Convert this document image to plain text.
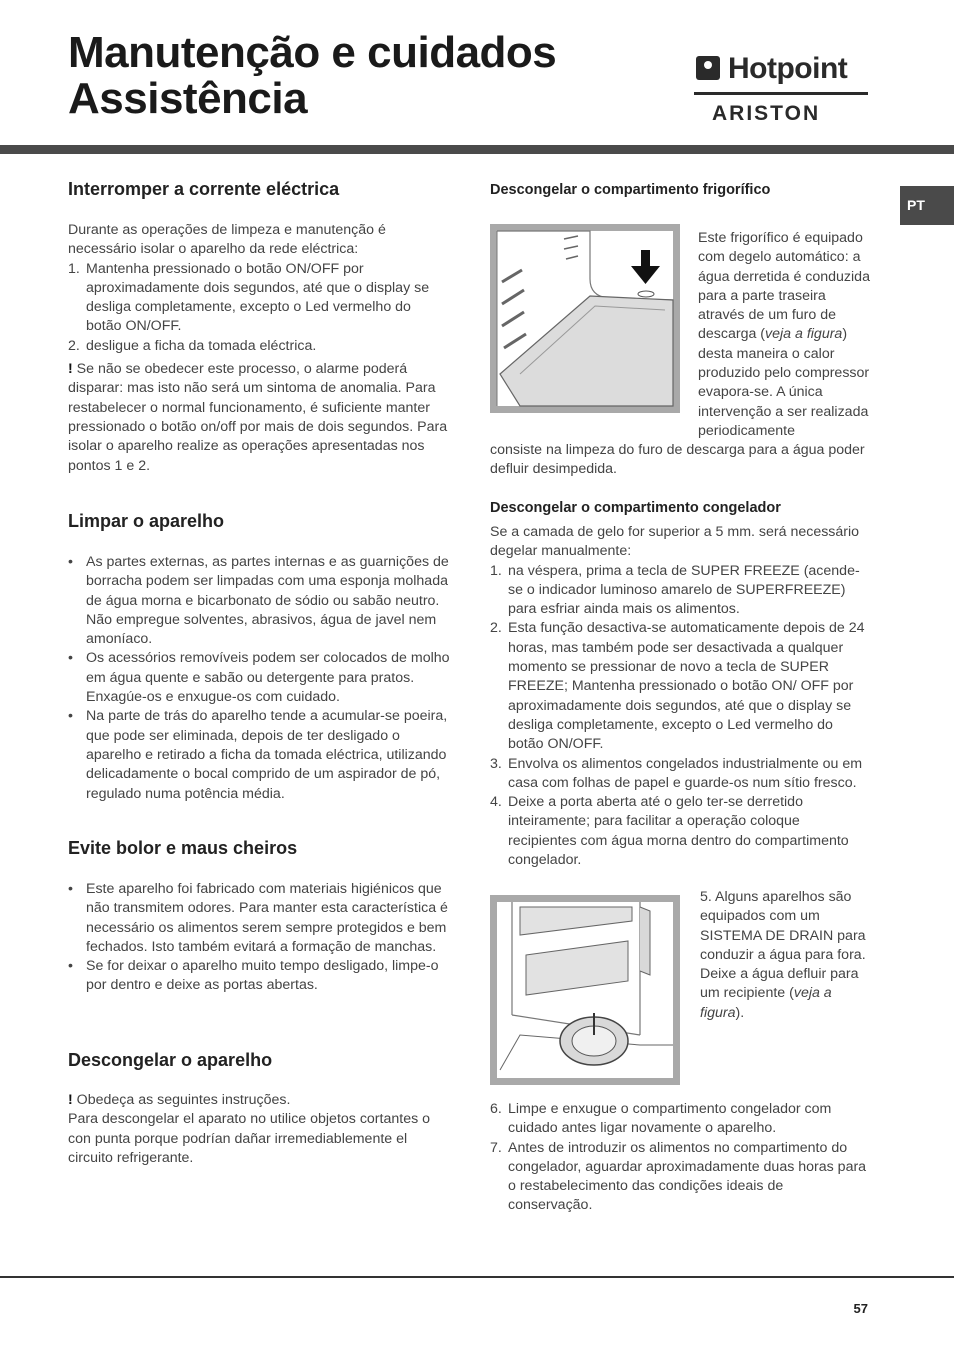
Manutenção e cuidados
Assistência
Hotpoint
ARISTON
PT
Interromper a corrente eléctrica

Durante as operações de limpeza e manutenção é necessário isolar o aparelho da rede eléctrica:

1. Mantenha pressionado o botão ON/OFF por aproximadamente dois segundos, até que o display se desliga completamente, excepto o Led vermelho do botão ON/OFF.
2. desligue a ficha da tomada eléctrica.

! Se não se obedecer este processo, o alarme poderá disparar: mas isto não será um sintoma de anomalia. Para restabelecer o normal funcionamento, é suficiente manter pressionado o botão on/off por mais de dois segundos. Para isolar o aparelho realize as operações apresentadas nos pontos 1 e 2.

Limpar o aparelho
• As partes externas, as partes internas e as guarnições de borracha podem ser limpadas com uma esponja molhada de água morna e bicarbonato de sódio ou sabão neutro. Não empregue solventes, abrasivos, água de javel nem amoníaco.
• Os acessórios removíveis podem ser colocados de molho em água quente e sabão ou detergente para pratos. Enxagúe-os e enxugue-os com cuidado.
• Na parte de trás do aparelho tende a acumular-se poeira, que pode ser eliminada, depois de ter desligado o aparelho e retirado a ficha da tomada eléctrica, utilizando delicadamente o bocal comprido de um aspirador de pó, regulado numa potência média.
Evite bolor e maus cheiros
• Este aparelho foi fabricado com materiais higiénicos que não transmitem odores. Para manter esta característica é necessário os alimentos serem sempre protegidos e bem fechados. Isto também evitará a formação de manchas.
• Se for deixar o aparelho muito tempo desligado, limpe-o por dentro e deixe as portas abertas.
Descongelar o aparelho

! Obedeça as seguintes instruções.

Para descongelar el aparato no utilice objetos cortantes o con punta porque podrían dañar irremediablemente el circuito refrigerante.

Descongelar o compartimento frigorífico
Este frigorífico é equipado com degelo automático: a água derretida é conduzida para a parte traseira através de um furo de descarga (veja a figura) desta maneira o calor produzido pelo compressor evapora-se. A única intervenção a ser realizada periodicamente
consiste na limpeza do furo de descarga para a água poder defluir desimpedida.
Descongelar o compartimento congelador

Se a camada de gelo for superior a 5 mm. será necessário degelar manualmente:

1. na véspera, prima a tecla de SUPER FREEZE (acende-se o indicador luminoso amarelo de SUPERFREEZE) para esfriar ainda mais os alimentos.
2. Esta função desactiva-se automaticamente depois de 24 horas, mas também pode ser desactivada a qualquer momento se pressionar de novo a tecla de SUPER FREEZE; Mantenha pressionado o botão ON/ OFF por aproximadamente dois segundos, até que o display se desliga completamente, excepto o Led vermelho do botão ON/OFF.
3. Envolva os alimentos congelados industrialmente ou em casa com folhas de papel e guarde-os num sítio fresco.
4. Deixe a porta aberta até o gelo ter-se derretido inteiramente; para facilitar a operação coloque recipientes com água morna dentro do compartimento congelador.
5. Alguns aparelhos são equipados com um SISTEMA DE DRAIN para conduzir a água para fora. Deixe a água defluir para um recipiente (veja a figura).
6. Limpe e enxugue o compartimento congelador com cuidado antes ligar novamente o aparelho.
7. Antes de introduzir os alimentos no compartimento do congelador, aguardar aproximadamente duas horas para o restabelecimento das condições ideais de conservação.
57
